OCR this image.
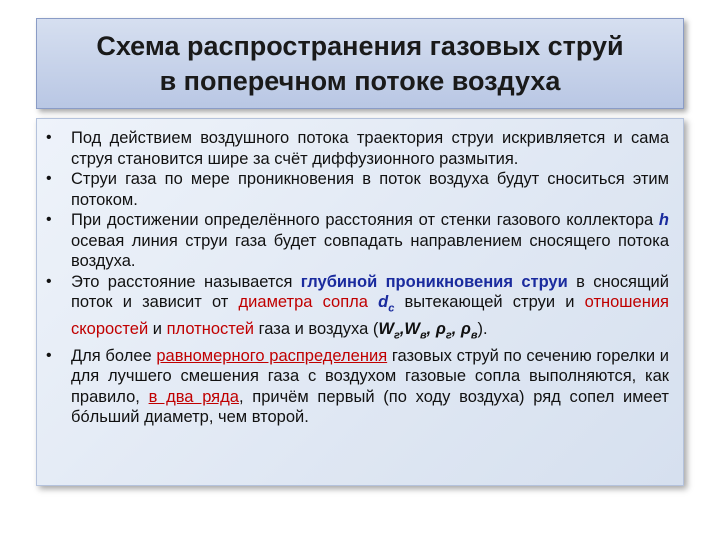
Схема распространения газовых струй
в поперечном потоке воздуха
• Под действием воздушного потока траектория струи искривляется и сама струя становится шире за счёт диффузионного размытия.
• Струи газа по мере проникновения в поток воздуха будут сноситься этим потоком.
• При достижении определённого расстояния от стенки газового коллектора h осевая линия струи газа будет совпадать направлением сносящего потока воздуха.
• Это расстояние называется глубиной проникновения струи в сносящий поток и зависит от диаметра сопла $d_c$ вытекающей струи и отношения скоростей и плотностей газа и воздуха ($W_г,W_в$, $\rho_г$, $\rho_в$).
• Для более равномерного распределения газовых струй по сечению горелки и для лучшего смешения газа с воздухом газовые сопла выполняются, как правило, в два ряда, причём первый (по ходу воздуха) ряд сопел имеет бóльший диаметр, чем второй.
